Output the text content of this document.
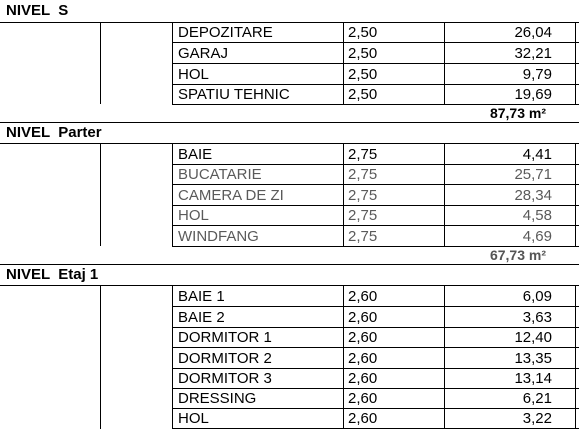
NIVEL  S
DEPOZITARE	2,50	26,04
GARAJ	2,50	32,21
HOL	2,50	9,79
SPATIU TEHNIC	2,50	19,69
87,73 m²
NIVEL  Parter
BAIE	2,75	4,41
BUCATARIE	2,75	25,71
CAMERA DE ZI	2,75	28,34
HOL	2,75	4,58
WINDFANG	2,75	4,69
67,73 m²
NIVEL  Etaj 1
BAIE 1	2,60	6,09
BAIE 2	2,60	3,63
DORMITOR 1	2,60	12,40
DORMITOR 2	2,60	13,35
DORMITOR 3	2,60	13,14
DRESSING	2,60	6,21
HOL	2,60	3,22
